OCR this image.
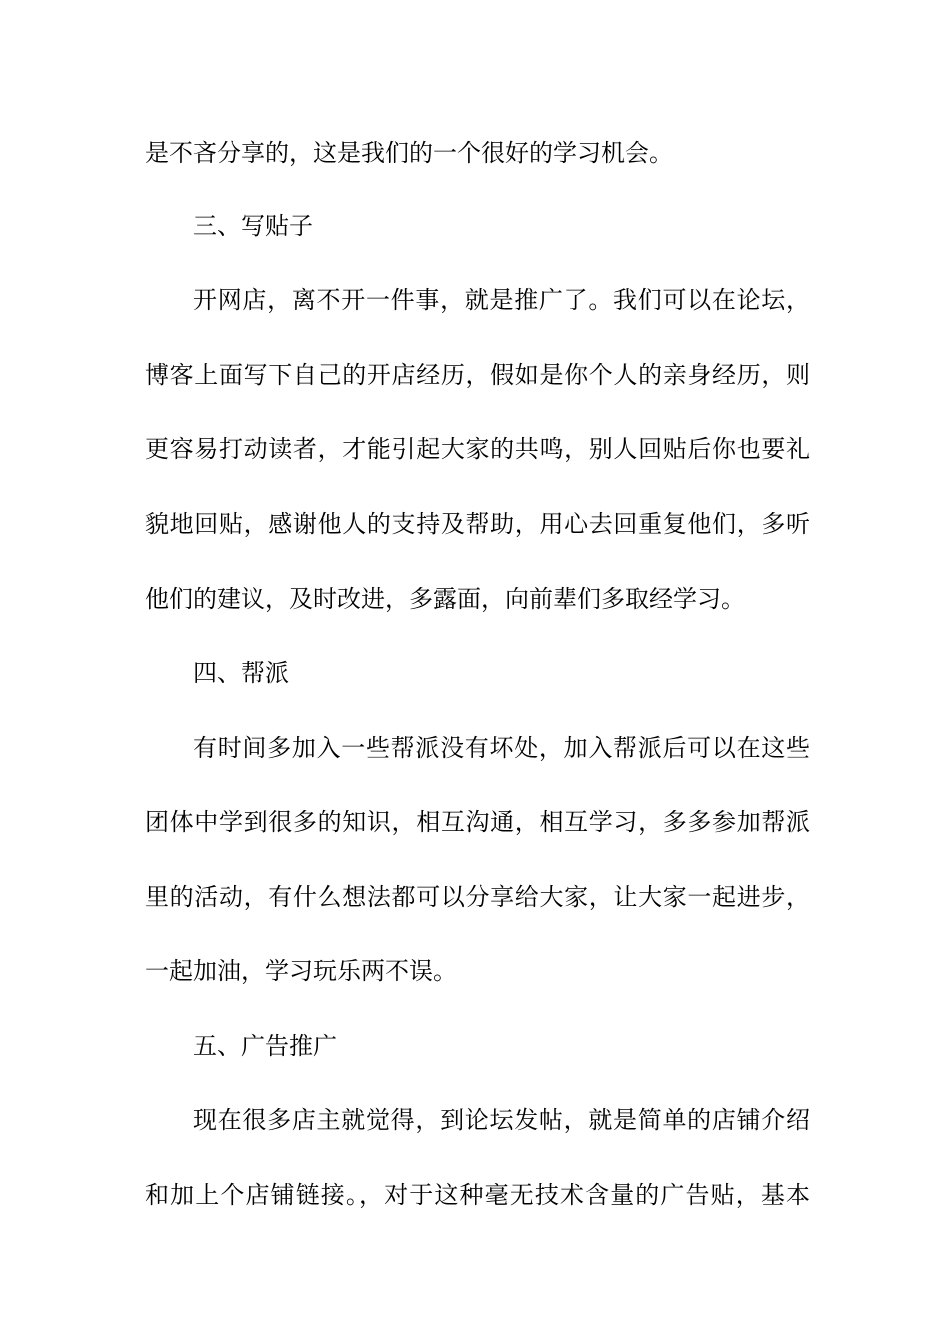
是不吝分享的，这是我们的一个很好的学习机会。
三、写贴子
开网店，离不开一件事，就是推广了。我们可以在论坛，
博客上面写下自己的开店经历，假如是你个人的亲身经历，则
更容易打动读者，才能引起大家的共鸣，别人回贴后你也要礼
貌地回贴，感谢他人的支持及帮助，用心去回重复他们，多听
他们的建议，及时改进，多露面，向前辈们多取经学习。
四、帮派
有时间多加入一些帮派没有坏处，加入帮派后可以在这些
团体中学到很多的知识，相互沟通，相互学习，多多参加帮派
里的活动，有什么想法都可以分享给大家，让大家一起进步，
一起加油，学习玩乐两不误。
五、广告推广
现在很多店主就觉得，到论坛发帖，就是简单的店铺介绍
和加上个店铺链接。，对于这种毫无技术含量的广告贴，基本
